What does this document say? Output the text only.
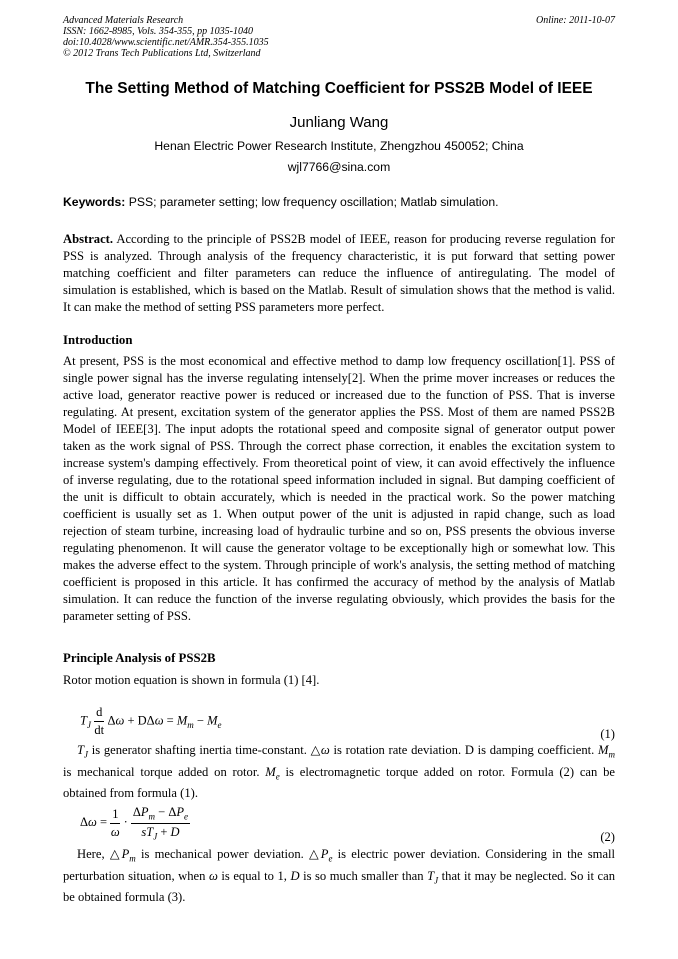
Advanced Materials Research
ISSN: 1662-8985, Vols. 354-355, pp 1035-1040
doi:10.4028/www.scientific.net/AMR.354-355.1035
© 2012 Trans Tech Publications Ltd, Switzerland
Online: 2011-10-07
The Setting Method of Matching Coefficient for PSS2B Model of IEEE
Junliang Wang
Henan Electric Power Research Institute, Zhengzhou 450052; China
wjl7766@sina.com
Keywords: PSS; parameter setting; low frequency oscillation; Matlab simulation.
Abstract. According to the principle of PSS2B model of IEEE, reason for producing reverse regulation for PSS is analyzed. Through analysis of the frequency characteristic, it is put forward that setting power matching coefficient and filter parameters can reduce the influence of antiregulating. The model of simulation is established, which is based on the Matlab. Result of simulation shows that the method is valid. It can make the method of setting PSS parameters more perfect.
Introduction
At present, PSS is the most economical and effective method to damp low frequency oscillation[1]. PSS of single power signal has the inverse regulating intensely[2]. When the prime mover increases or reduces the active load, generator reactive power is reduced or increased due to the function of PSS. That is inverse regulating. At present, excitation system of the generator applies the PSS. Most of them are named PSS2B Model of IEEE[3]. The input adopts the rotational speed and composite signal of generator output power taken as the work signal of PSS. Through the correct phase correction, it enables the excitation system to increase system's damping effectively. From theoretical point of view, it can avoid effectively the influence of inverse regulating, due to the rotational speed information included in signal. But damping coefficient of the unit is difficult to obtain accurately, which is needed in the practical work. So the power matching coefficient is usually set as 1. When output power of the unit is adjusted in rapid change, such as load rejection of steam turbine, increasing load of hydraulic turbine and so on, PSS presents the obvious inverse regulating phenomenon. It will cause the generator voltage to be exceptionally high or somewhat low. This makes the adverse effect to the system. Through principle of work's analysis, the setting method of matching coefficient is proposed in this article. It has confirmed the accuracy of method by the analysis of Matlab simulation. It can reduce the function of the inverse regulating obviously, which provides the basis for the parameter setting of PSS.
Principle Analysis of PSS2B
Rotor motion equation is shown in formula (1) [4].
$T_J \frac{d}{dt}$ $\Delta\omega + D\Delta\omega = M_m - M_e$
(1)
$T_J$ is generator shafting inertia time-constant. △ω is rotation rate deviation. D is damping coefficient. $M_m$ is mechanical torque added on rotor. $M_e$ is electromagnetic torque added on rotor. Formula (2) can be obtained from formula (1).
$\Delta\omega = \frac{1}{\omega} \cdot \frac{\Delta P_m - \Delta P_e}{sT_J + D}$	(2)
Here, $\triangle P_m$ is mechanical power deviation. $\triangle P_e$ is electric power deviation. Considering in the small perturbation situation, when ω is equal to 1, D is so much smaller than $T_J$ that it may be neglected. So it can be obtained formula (3).
